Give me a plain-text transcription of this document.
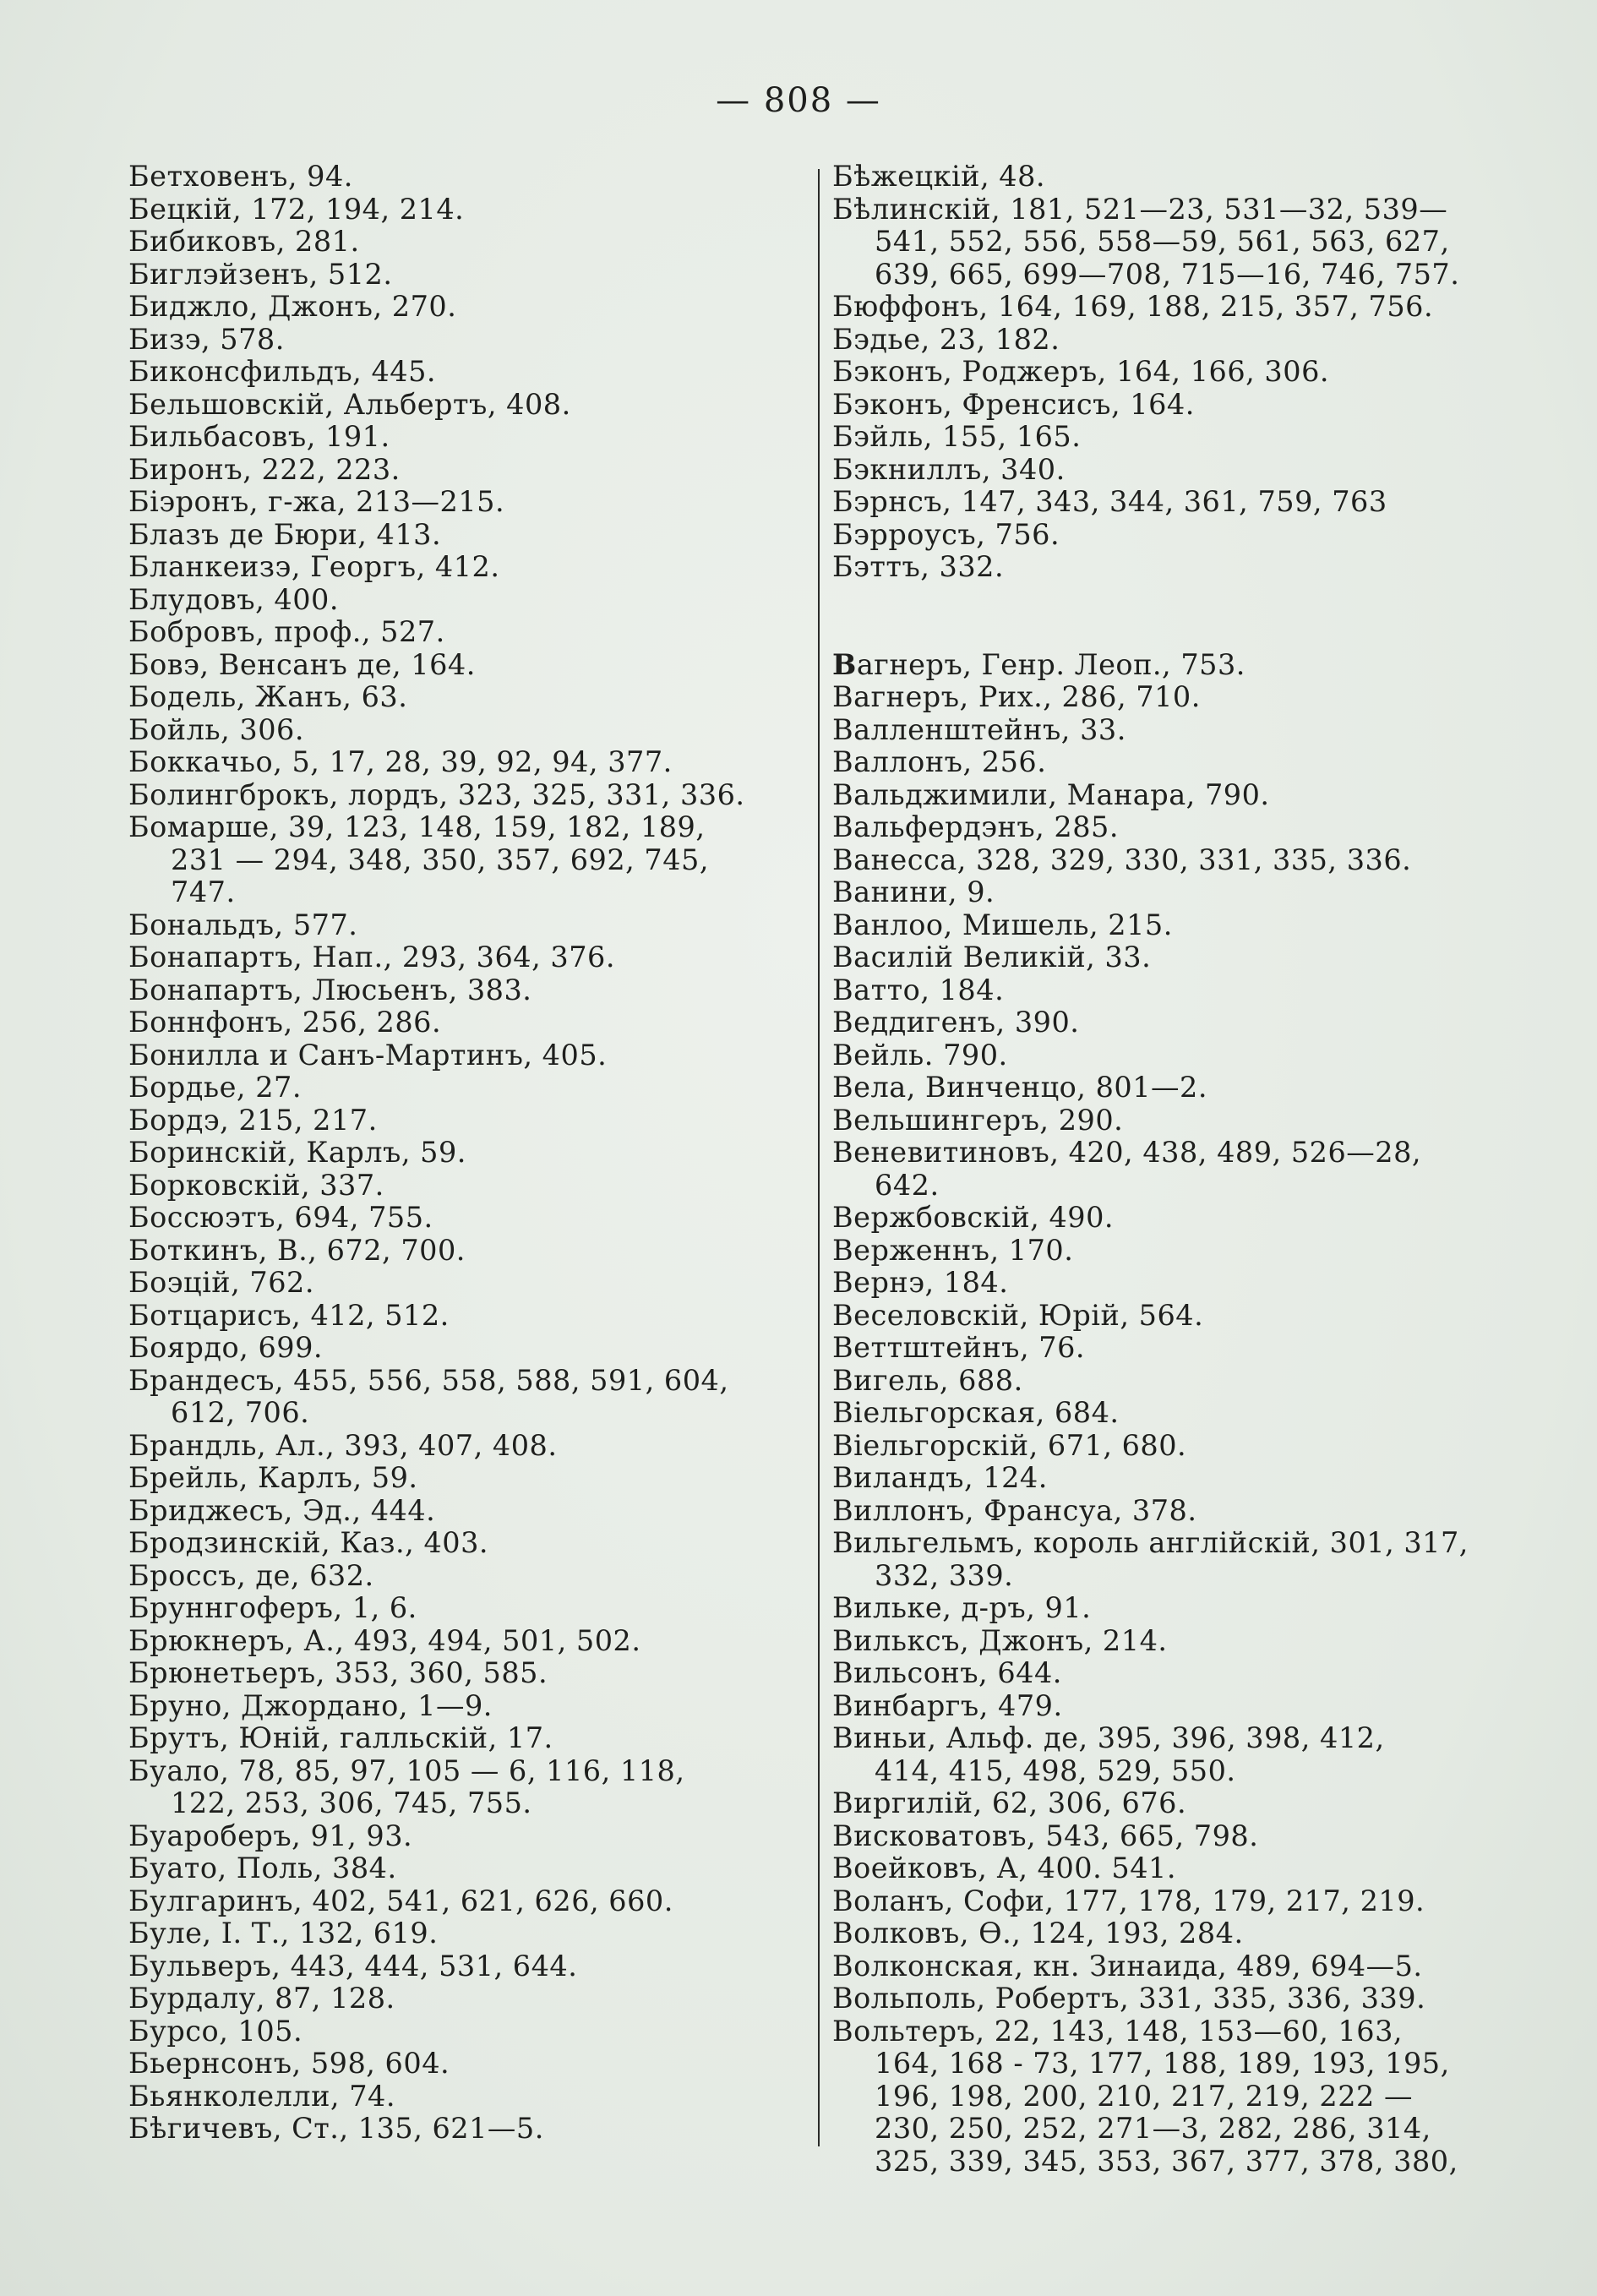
— 808 —
Бетховенъ, 94.
Бецкій, 172, 194, 214.
Бибиковъ, 281.
Биглэйзенъ, 512.
Биджло, Джонъ, 270.
Бизэ, 578.
Биконсфильдъ, 445.
Бельшовскій, Альбертъ, 408.
Бильбасовъ, 191.
Биронъ, 222, 223.
Біэронъ, г-жа, 213—215.
Блазъ де Бюри, 413.
Бланкеизэ, Георгъ, 412.
Блудовъ, 400.
Бобровъ, проф., 527.
Бовэ, Венсанъ де, 164.
Бодель, Жанъ, 63.
Бойль, 306.
Боккачьо, 5, 17, 28, 39, 92, 94, 377.
Болингброкъ, лордъ, 323, 325, 331, 336.
Бомарше, 39, 123, 148, 159, 182, 189,
231 — 294, 348, 350, 357, 692, 745,
747.
Бональдъ, 577.
Бонапартъ, Нап., 293, 364, 376.
Бонапартъ, Люсьенъ, 383.
Боннфонъ, 256, 286.
Бонилла и Санъ-Мартинъ, 405.
Бордье, 27.
Бордэ, 215, 217.
Боринскій, Карлъ, 59.
Борковскій, 337.
Боссюэтъ, 694, 755.
Боткинъ, В., 672, 700.
Боэцій, 762.
Ботцарисъ, 412, 512.
Боярдо, 699.
Брандесъ, 455, 556, 558, 588, 591, 604,
612, 706.
Брандль, Ал., 393, 407, 408.
Брейль, Карлъ, 59.
Бриджесъ, Эд., 444.
Бродзинскій, Каз., 403.
Броссъ, де, 632.
Бруннгоферъ, 1, 6.
Брюкнеръ, А., 493, 494, 501, 502.
Брюнетьеръ, 353, 360, 585.
Бруно, Джордано, 1—9.
Брутъ, Юній, галльскій, 17.
Буало, 78, 85, 97, 105 — 6, 116, 118,
122, 253, 306, 745, 755.
Буароберъ, 91, 93.
Буато, Поль, 384.
Булгаринъ, 402, 541, 621, 626, 660.
Буле, І. Т., 132, 619.
Бульверъ, 443, 444, 531, 644.
Бурдалу, 87, 128.
Бурсо, 105.
Бьернсонъ, 598, 604.
Бьянколелли, 74.
Бѣгичевъ, Ст., 135, 621—5.
Бѣжецкій, 48.
Бѣлинскій, 181, 521—23, 531—32, 539—
541, 552, 556, 558—59, 561, 563, 627,
639, 665, 699—708, 715—16, 746, 757.
Бюффонъ, 164, 169, 188, 215, 357, 756.
Бэдье, 23, 182.
Бэконъ, Роджеръ, 164, 166, 306.
Бэконъ, Френсисъ, 164.
Бэйль, 155, 165.
Бэкниллъ, 340.
Бэрнсъ, 147, 343, 344, 361, 759, 763
Бэрроусъ, 756.
Бэттъ, 332.
Вагнеръ, Генр. Леоп., 753.
Вагнеръ, Рих., 286, 710.
Валленштейнъ, 33.
Валлонъ, 256.
Вальджимили, Манара, 790.
Вальфердэнъ, 285.
Ванесса, 328, 329, 330, 331, 335, 336.
Ванини, 9.
Ванлоо, Мишель, 215.
Василій Великій, 33.
Ватто, 184.
Веддигенъ, 390.
Вейль. 790.
Вела, Винченцо, 801—2.
Вельшингеръ, 290.
Веневитиновъ, 420, 438, 489, 526—28,
642.
Вержбовскій, 490.
Верженнъ, 170.
Вернэ, 184.
Веселовскій, Юрій, 564.
Веттштейнъ, 76.
Вигель, 688.
Віельгорская, 684.
Віельгорскій, 671, 680.
Виландъ, 124.
Виллонъ, Франсуа, 378.
Вильгельмъ, король англійскій, 301, 317,
332, 339.
Вильке, д-ръ, 91.
Вильксъ, Джонъ, 214.
Вильсонъ, 644.
Винбаргъ, 479.
Виньи, Альф. де, 395, 396, 398, 412,
414, 415, 498, 529, 550.
Виргилій, 62, 306, 676.
Висковатовъ, 543, 665, 798.
Воейковъ, А, 400. 541.
Воланъ, Софи, 177, 178, 179, 217, 219.
Волковъ, Ѳ., 124, 193, 284.
Волконская, кн. Зинаида, 489, 694—5.
Вольполь, Робертъ, 331, 335, 336, 339.
Вольтеръ, 22, 143, 148, 153—60, 163,
164, 168 - 73, 177, 188, 189, 193, 195,
196, 198, 200, 210, 217, 219, 222 —
230, 250, 252, 271—3, 282, 286, 314,
325, 339, 345, 353, 367, 377, 378, 380,
